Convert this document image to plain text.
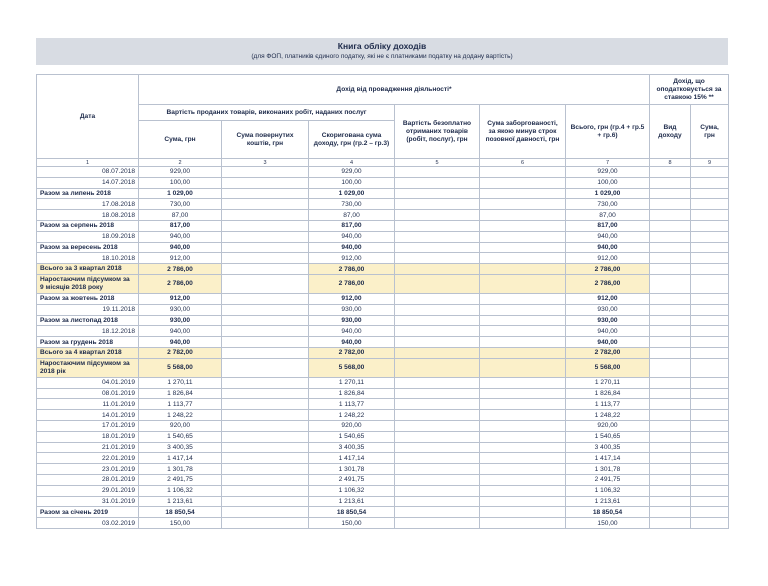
Книга обліку доходів
(для ФОП, платників єдиного податку, які не є платниками податку на додану вартість)
Дата	Дохід від провадження діяльності*						Дохід, що оподатковується за ставкою 15% **	
	Вартість проданих товарів, виконаних робіт, наданих послуг			Вартість безоплатно отриманих товарів (робіт, послуг), грн	Сума заборгованості, за якою минув строк позовної давності, грн	Всього, грн (гр.4 + гр.5 + гр.6)	Вид доходу	Сума, грн
	Сума, грн	Сума повернутих коштів, грн	Скоригована сума доходу, грн (гр.2 – гр.3)					
1	2	3	4	5	6	7	8	9
08.07.2018	929,00		929,00			929,00		
14.07.2018	100,00		100,00			100,00		
Разом за липень 2018	1 029,00		1 029,00			1 029,00		
17.08.2018	730,00		730,00			730,00		
18.08.2018	87,00		87,00			87,00		
Разом за серпень 2018	817,00		817,00			817,00		
18.09.2018	940,00		940,00			940,00		
Разом за вересень 2018	940,00		940,00			940,00		
18.10.2018	912,00		912,00			912,00		
Всього за 3 квартал 2018	2 786,00		2 786,00			2 786,00		
Наростаючим підсумком за 9 місяців 2018 року	2 786,00		2 786,00			2 786,00		
Разом за жовтень 2018	912,00		912,00			912,00		
19.11.2018	930,00		930,00			930,00		
Разом за листопад 2018	930,00		930,00			930,00		
18.12.2018	940,00		940,00			940,00		
Разом за грудень 2018	940,00		940,00			940,00		
Всього за 4 квартал 2018	2 782,00		2 782,00			2 782,00		
Наростаючим підсумком за 2018 рік	5 568,00		5 568,00			5 568,00		
04.01.2019	1 270,11		1 270,11			1 270,11		
08.01.2019	1 826,84		1 826,84			1 826,84		
11.01.2019	1 113,77		1 113,77			1 113,77		
14.01.2019	1 248,22		1 248,22			1 248,22		
17.01.2019	920,00		920,00			920,00		
18.01.2019	1 540,65		1 540,65			1 540,65		
21.01.2019	3 400,35		3 400,35			3 400,35		
22.01.2019	1 417,14		1 417,14			1 417,14		
23.01.2019	1 301,78		1 301,78			1 301,78		
28.01.2019	2 491,75		2 491,75			2 491,75		
29.01.2019	1 106,32		1 106,32			1 106,32		
31.01.2019	1 213,61		1 213,61			1 213,61		
Разом за січень 2019	18 850,54		18 850,54			18 850,54		
03.02.2019	150,00		150,00			150,00		
